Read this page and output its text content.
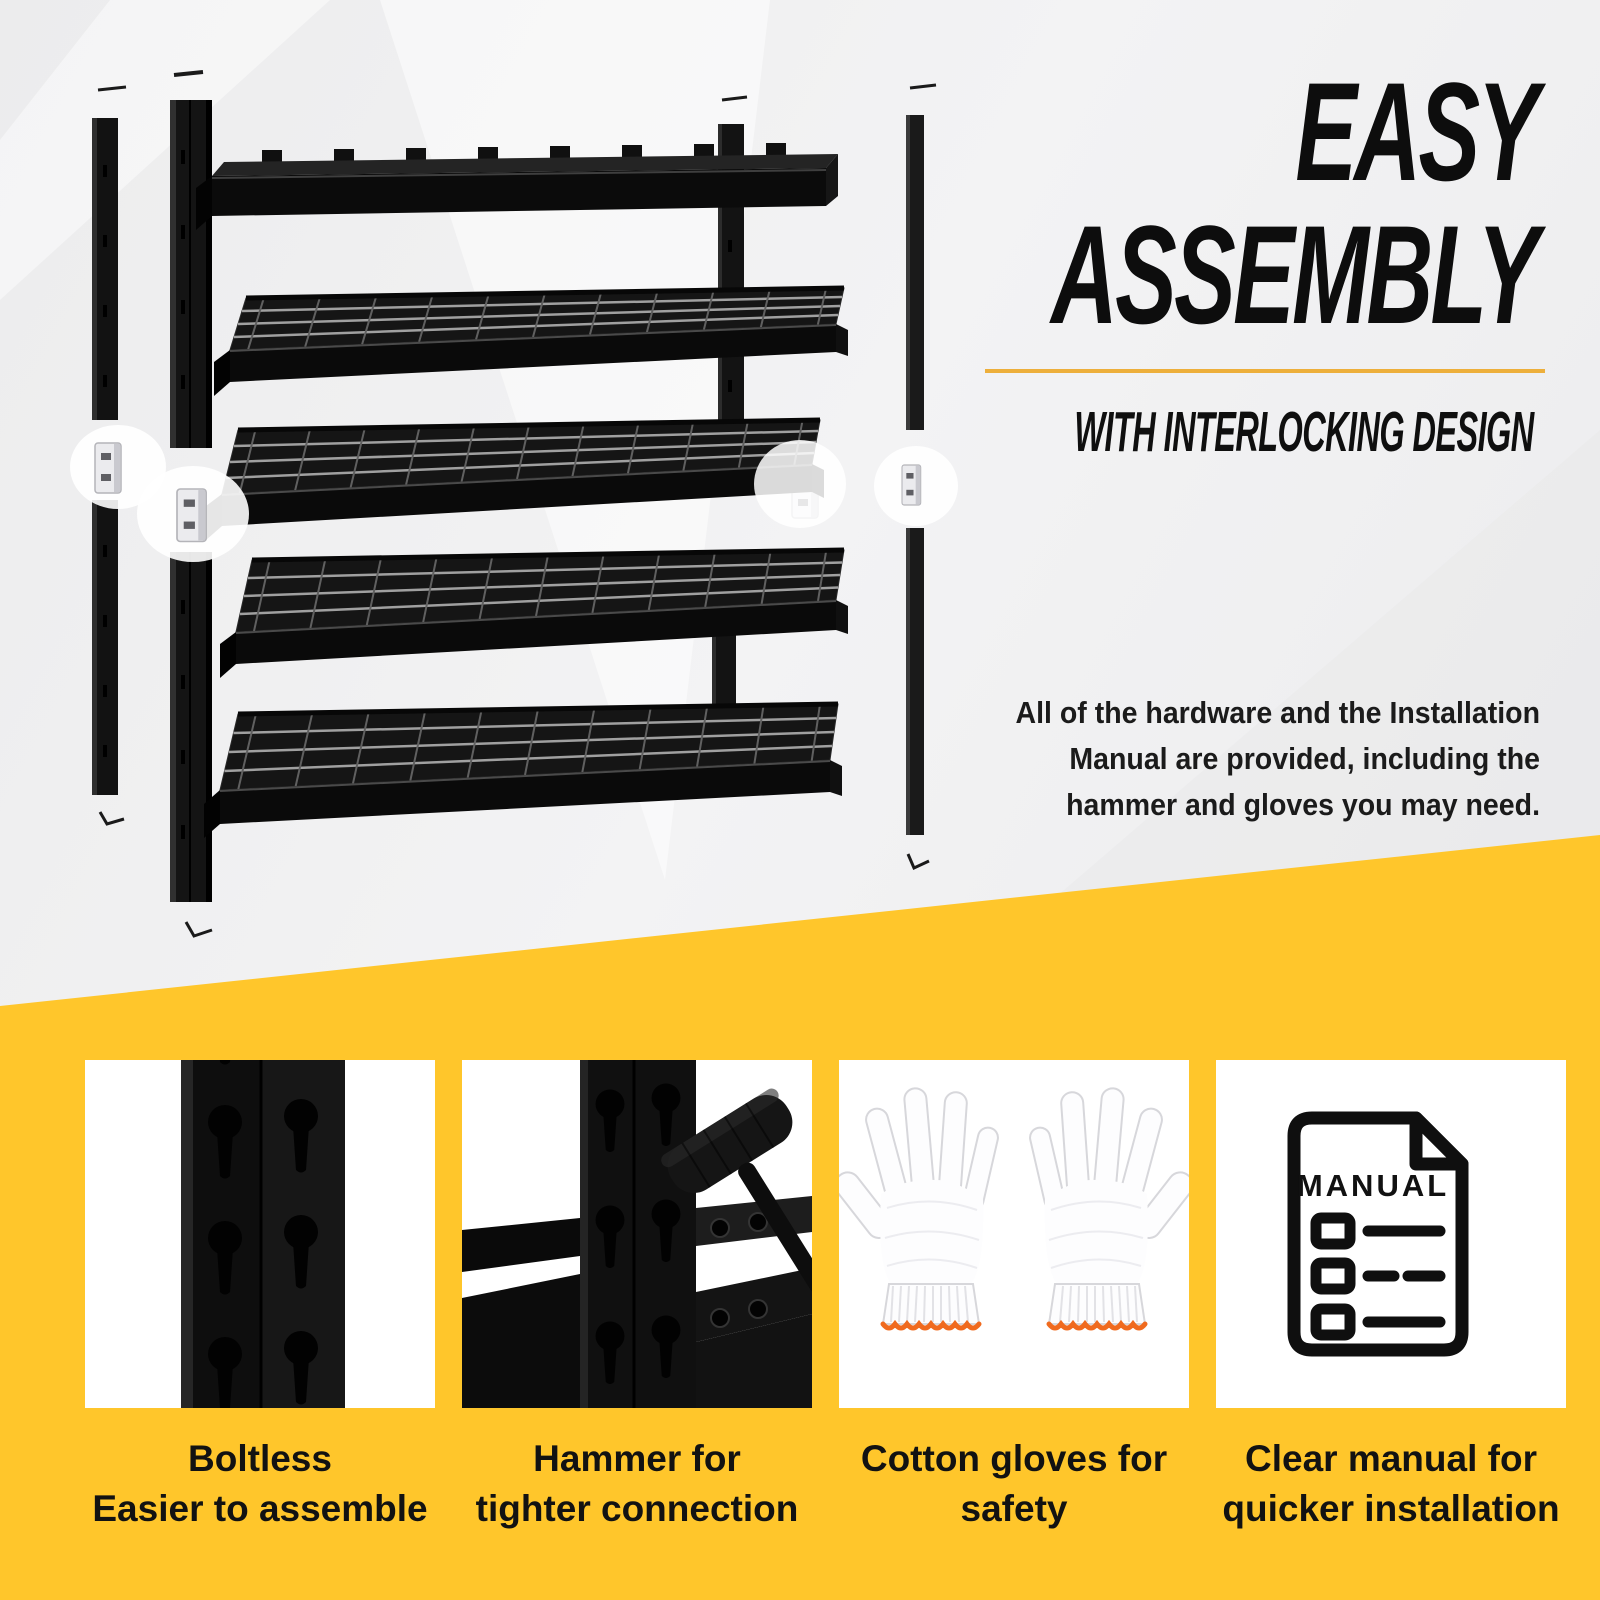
EASY
ASSEMBLY
WITH INTERLOCKING DESIGN
All of the hardware and the Installation
Manual are provided, including the
hammer and gloves you may need.
MANUAL
Boltless
Easier to assemble
Hammer for
tighter connection
Cotton gloves for
safety
Clear manual for
quicker installation
